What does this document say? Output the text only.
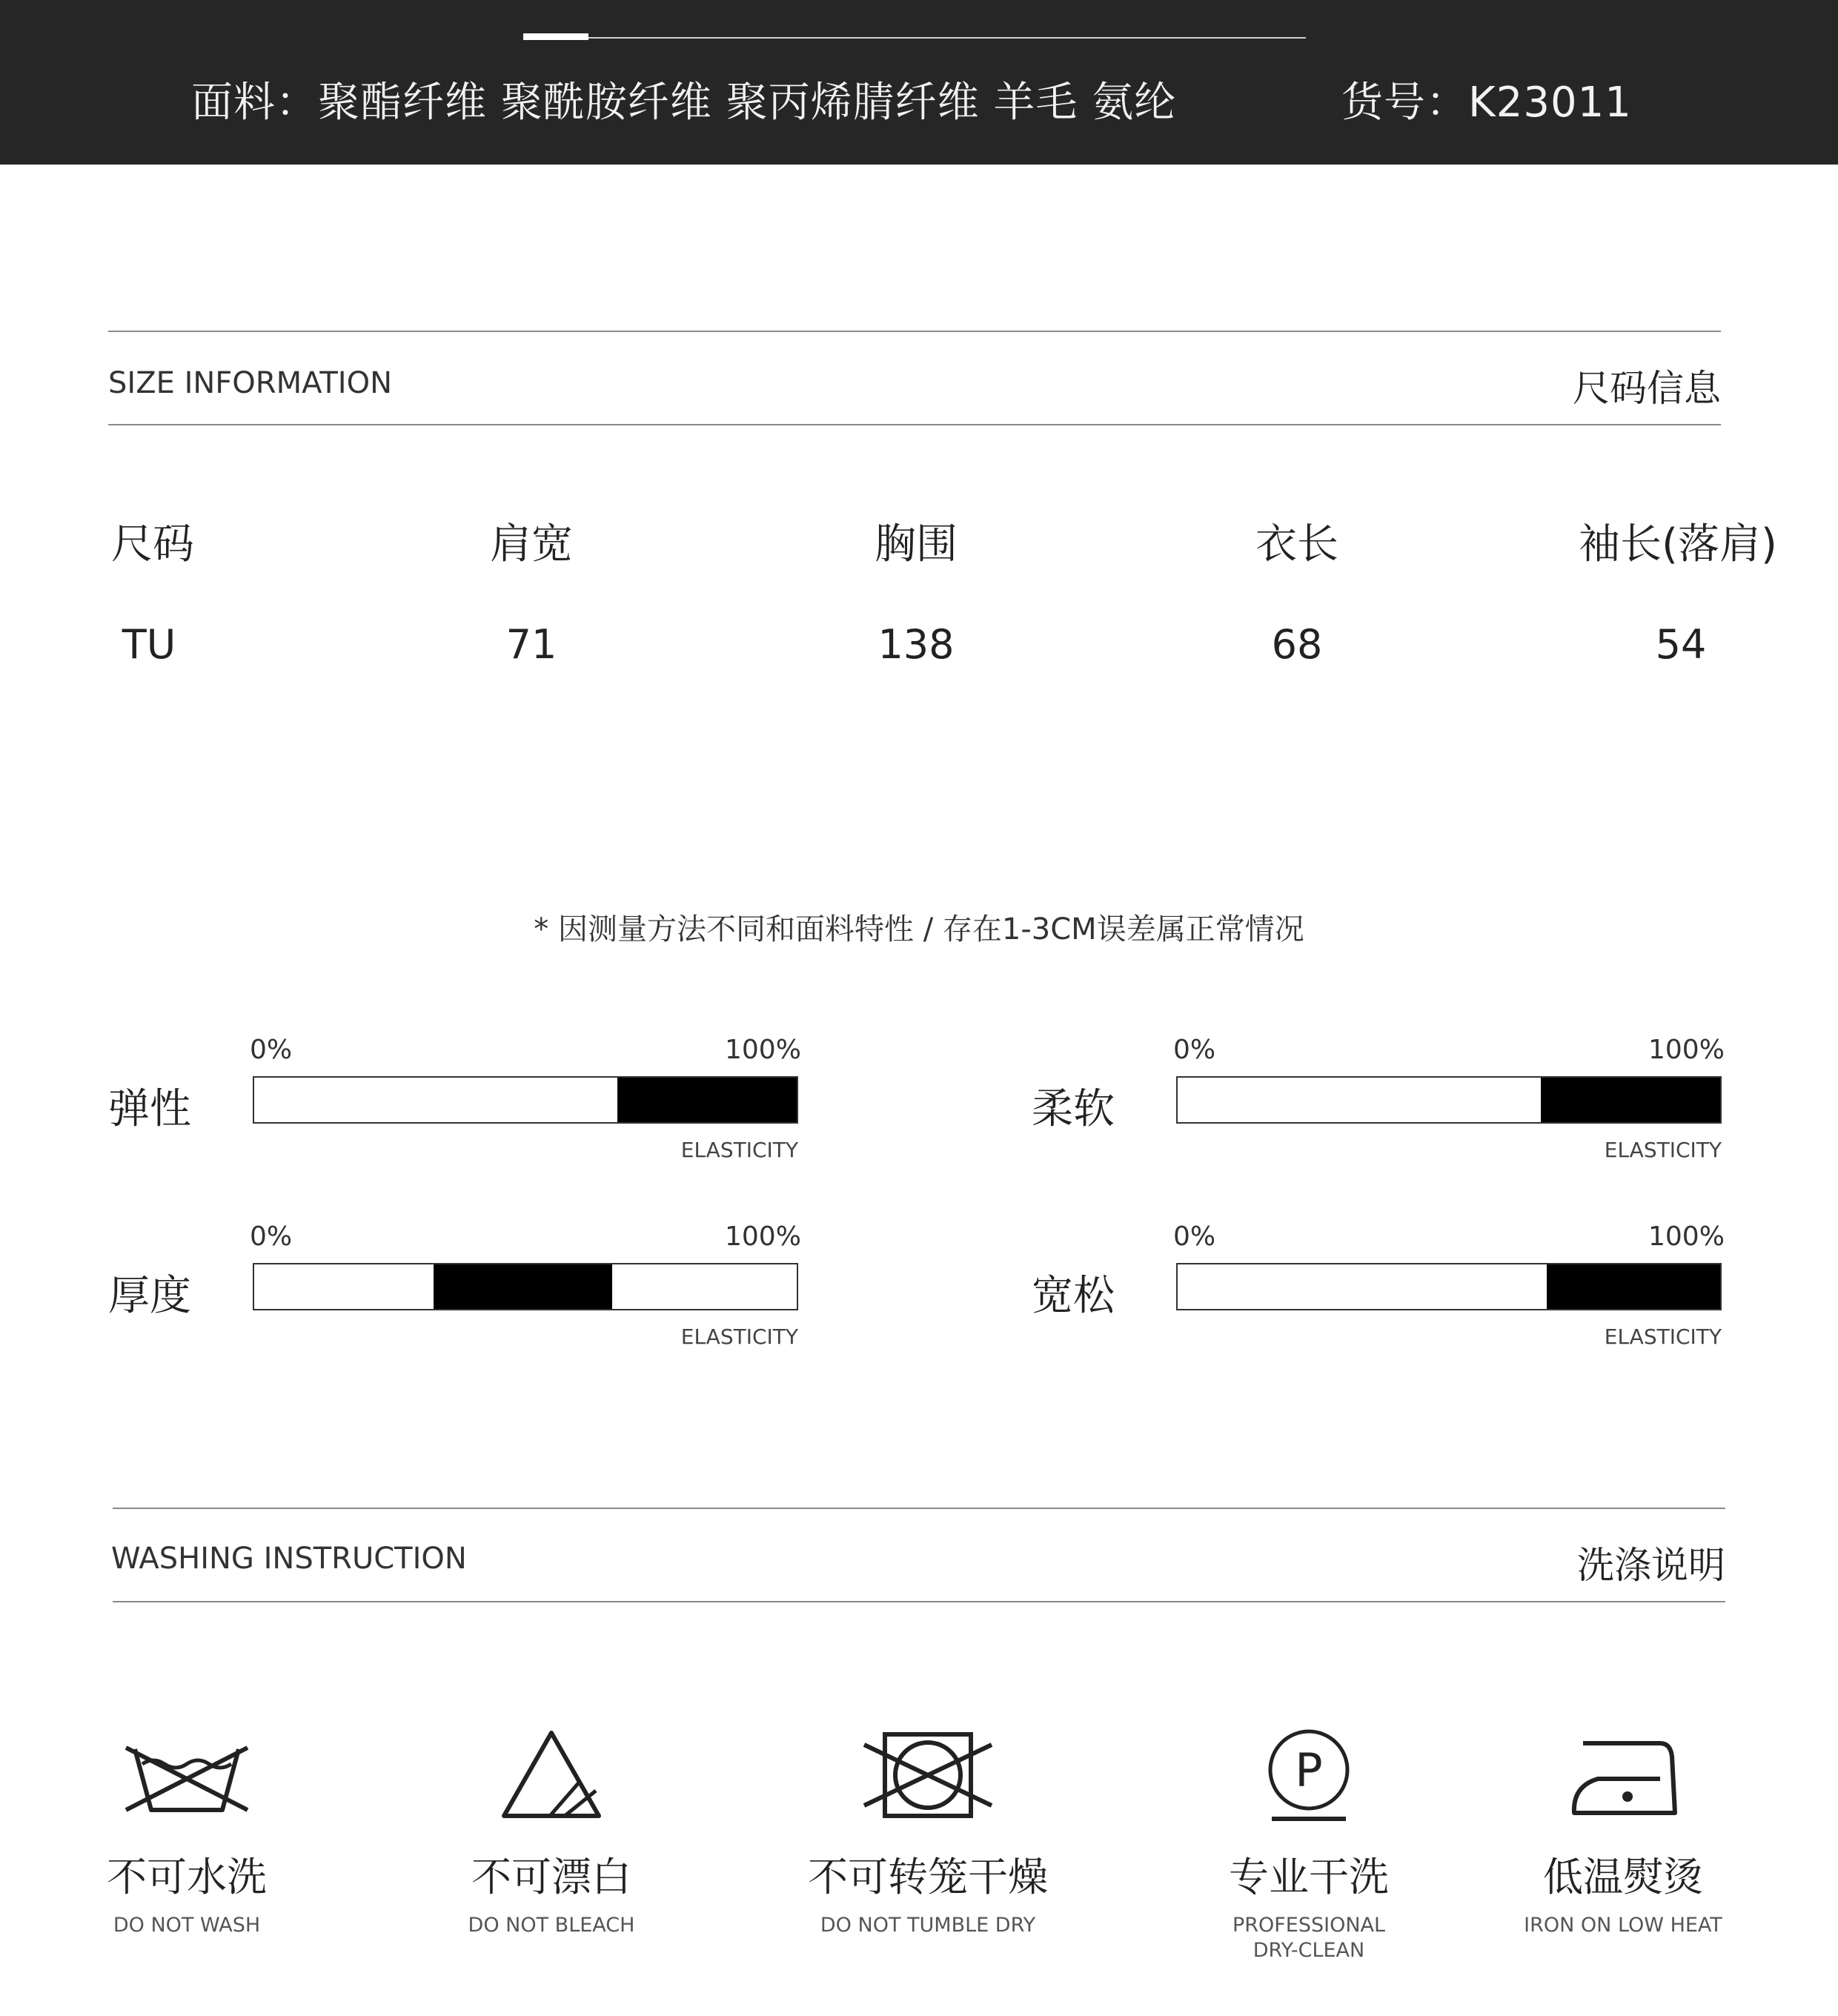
面料：聚酯纤维 聚酰胺纤维 聚丙烯腈纤维 羊毛 氨纶	货号：K23011
SIZE INFORMATION	尺码信息
尺码	肩宽	胸围	衣长	袖长(落肩)
TU	71	138	68	54
* 因测量方法不同和面料特性 / 存在1-3CM误差属正常情况
弹性
0%	100%
ELASTICITY
柔软
0%	100%
ELASTICITY
厚度
0%	100%
ELASTICITY
宽松
0%	100%
ELASTICITY
WASHING INSTRUCTION	洗涤说明
不可水洗
DO NOT WASH
不可漂白
DO NOT BLEACH
不可转笼干燥
DO NOT TUMBLE DRY
P
专业干洗
PROFESSIONAL
DRY-CLEAN
低温熨烫
IRON ON LOW HEAT
